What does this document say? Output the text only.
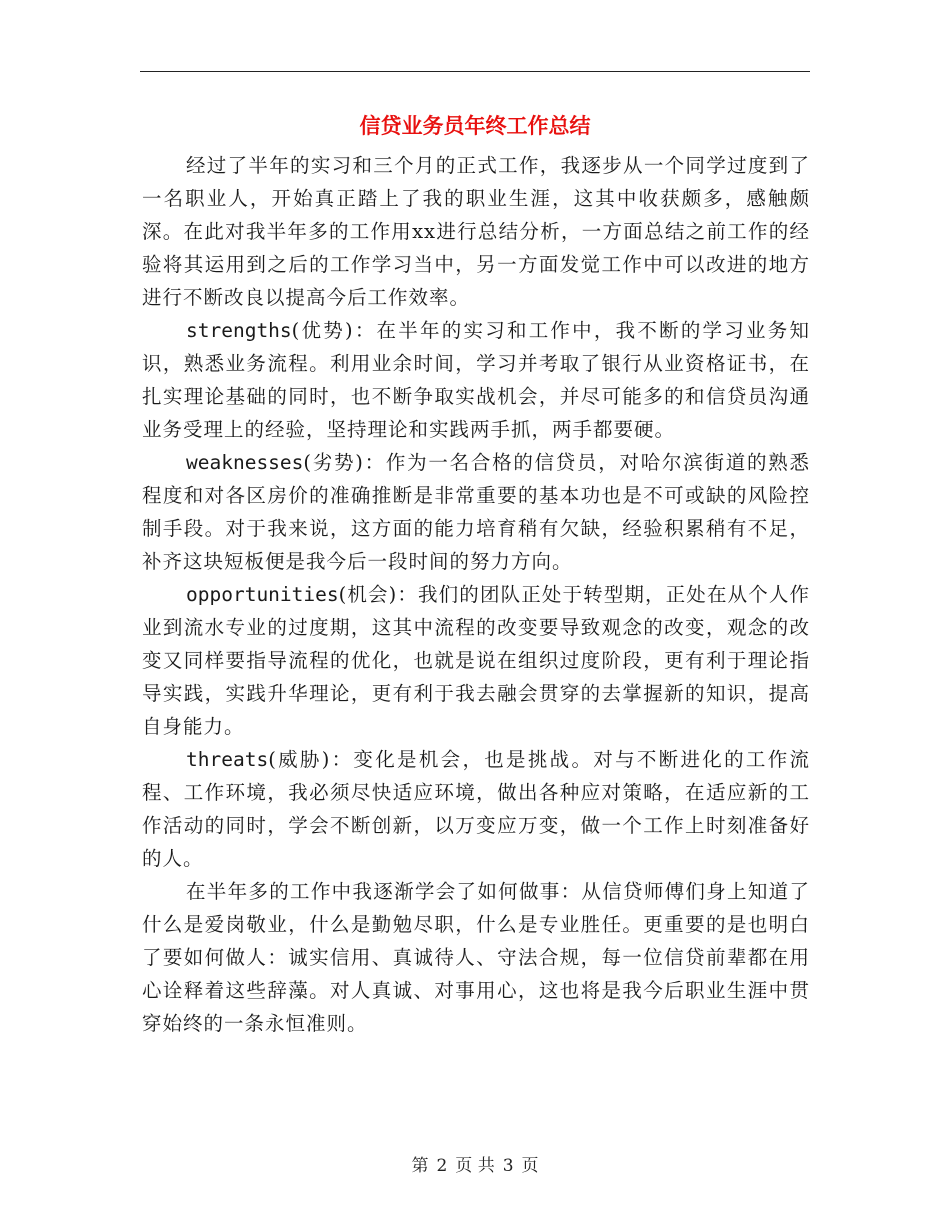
信贷业务员年终工作总结

经过了半年的实习和三个月的正式工作，我逐步从一个同学过度到了一名职业人，开始真正踏上了我的职业生涯，这其中收获颇多，感触颇深。在此对我半年多的工作用xx进行总结分析，一方面总结之前工作的经验将其运用到之后的工作学习当中，另一方面发觉工作中可以改进的地方进行不断改良以提高今后工作效率。

strengths(优势)：在半年的实习和工作中，我不断的学习业务知识，熟悉业务流程。利用业余时间，学习并考取了银行从业资格证书，在扎实理论基础的同时，也不断争取实战机会，并尽可能多的和信贷员沟通业务受理上的经验，坚持理论和实践两手抓，两手都要硬。

weaknesses(劣势)：作为一名合格的信贷员，对哈尔滨街道的熟悉程度和对各区房价的准确推断是非常重要的基本功也是不可或缺的风险控制手段。对于我来说，这方面的能力培育稍有欠缺，经验积累稍有不足，补齐这块短板便是我今后一段时间的努力方向。

opportunities(机会)：我们的团队正处于转型期，正处在从个人作业到流水专业的过度期，这其中流程的改变要导致观念的改变，观念的改变又同样要指导流程的优化，也就是说在组织过度阶段，更有利于理论指导实践，实践升华理论，更有利于我去融会贯穿的去掌握新的知识，提高自身能力。

threats(威胁)：变化是机会，也是挑战。对与不断进化的工作流程、工作环境，我必须尽快适应环境，做出各种应对策略，在适应新的工作活动的同时，学会不断创新，以万变应万变，做一个工作上时刻准备好的人。

在半年多的工作中我逐渐学会了如何做事：从信贷师傅们身上知道了什么是爱岗敬业，什么是勤勉尽职，什么是专业胜任。更重要的是也明白了要如何做人：诚实信用、真诚待人、守法合规，每一位信贷前辈都在用心诠释着这些辞藻。对人真诚、对事用心，这也将是我今后职业生涯中贯穿始终的一条永恒准则。

第 2 页 共 3 页
